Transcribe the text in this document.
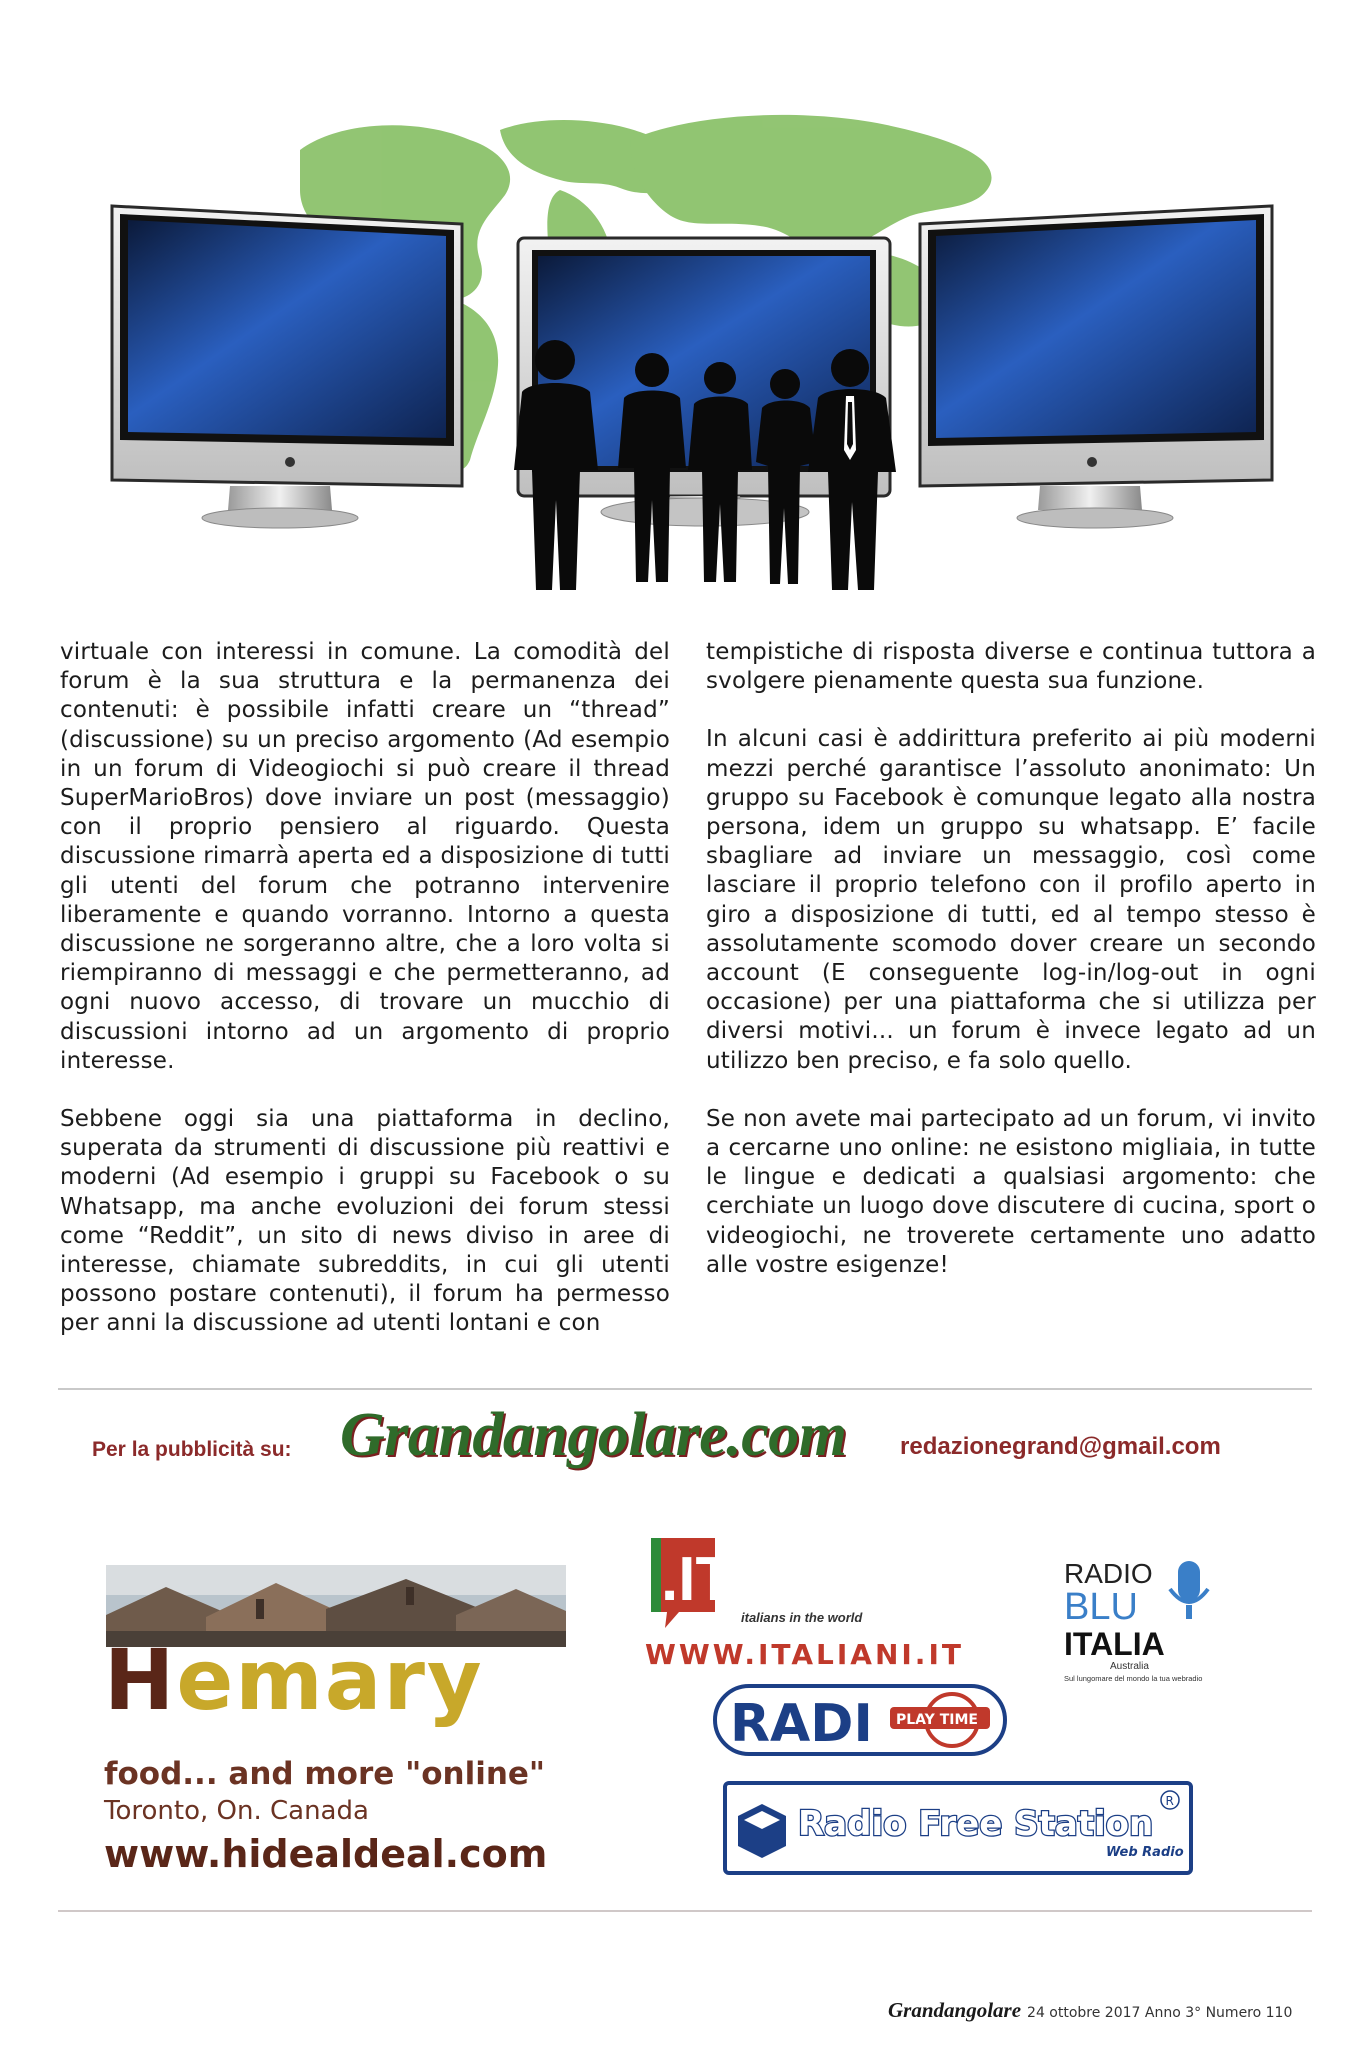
virtuale con interessi in comune. La comodità del forum è la sua struttura e la permanenza dei contenuti: è possibile infatti creare un “thread” (discussione) su un preciso argomento (Ad esempio in un forum di Videogiochi si può creare il thread SuperMarioBros) dove inviare un post (messaggio) con il proprio pensiero al riguardo. Questa discussione rimarrà aperta ed a disposizione di tutti gli utenti del forum che potranno intervenire liberamente e quando vorranno. Intorno a questa discussione ne sorgeranno altre, che a loro volta si riempiranno di messaggi e che permetteranno, ad ogni nuovo accesso, di trovare un mucchio di discussioni intorno ad un argomento di proprio interesse.

Sebbene oggi sia una piattaforma in declino, superata da strumenti di discussione più reattivi e moderni (Ad esempio i gruppi su Facebook o su Whatsapp, ma anche evoluzioni dei forum stessi come “Reddit”, un sito di news diviso in aree di interesse, chiamate subreddits, in cui gli utenti possono postare contenuti), il forum ha permesso per anni la discussione ad utenti lontani e con

tempistiche di risposta diverse e continua tuttora a svolgere pienamente questa sua funzione.

In alcuni casi è addirittura preferito ai più moderni mezzi perché garantisce l’assoluto anonimato: Un gruppo su Facebook è comunque legato alla nostra persona, idem un gruppo su whatsapp. E’ facile sbagliare ad inviare un messaggio, così come lasciare il proprio telefono con il profilo aperto in giro a disposizione di tutti, ed al tempo stesso è assolutamente scomodo dover creare un secondo account (E conseguente log-in/log-out in ogni occasione) per una piattaforma che si utilizza per diversi motivi... un forum è invece legato ad un utilizzo ben preciso, e fa solo quello.

Se non avete mai partecipato ad un forum, vi invito a cercarne uno online: ne esistono migliaia, in tutte le lingue e dedicati a qualsiasi argomento: che cerchiate un luogo dove discutere di cucina, sport o videogiochi, ne troverete certamente uno adatto alle vostre esigenze!

Per la pubblicità su: Grandangolare.com redazionegrand@gmail.com
Hemary
food... and more "online"
Toronto, On. Canada
www.hidealdeal.com
.ITALIANI
italians in the world
WWW.ITALIANI.IT
RADIO
BLU
ITALIA
Australia
Sul lungomare del mondo la tua webradio
RADI PLAY TIME
Radio Free Station
Web Radio
R
Grandangolare 24 ottobre 2017 Anno 3° Numero 110
